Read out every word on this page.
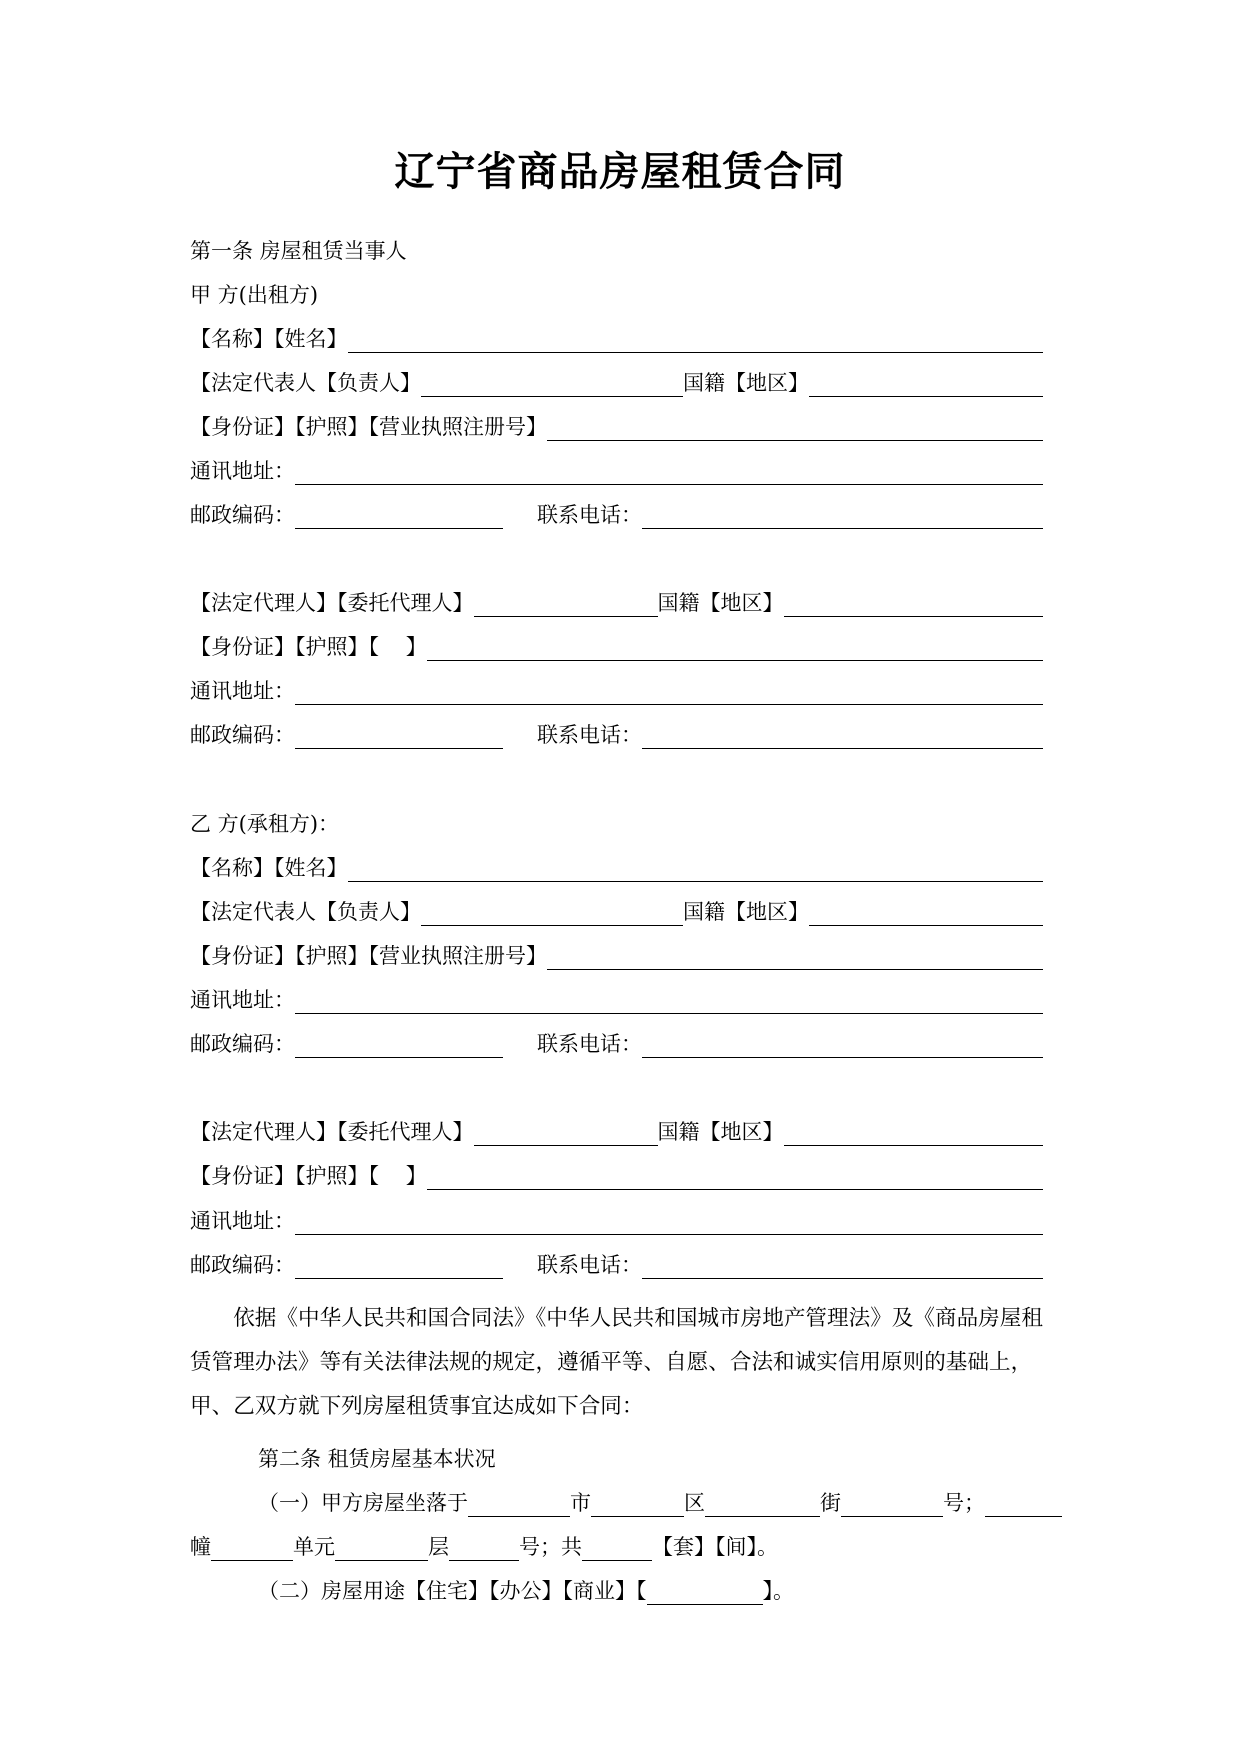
辽宁省商品房屋租赁合同
第一条 房屋租赁当事人
甲 方(出租方)
【名称】【姓名】
【法定代表人【负责人】	国籍【地区】
【身份证】【护照】【营业执照注册号】
通讯地址：
邮政编码：	联系电话：
【法定代理人】【委托代理人】	国籍【地区】
【身份证】【护照】【    】
通讯地址：
邮政编码：	联系电话：
乙 方(承租方)：
【名称】【姓名】
【法定代表人【负责人】	国籍【地区】
【身份证】【护照】【营业执照注册号】
通讯地址：
邮政编码：	联系电话：
【法定代理人】【委托代理人】	国籍【地区】
【身份证】【护照】【    】
通讯地址：
邮政编码：	联系电话：
依据《中华人民共和国合同法》《中华人民共和国城市房地产管理法》及《商品房屋租赁管理办法》等有关法律法规的规定，遵循平等、自愿、合法和诚实信用原则的基础上，甲、乙双方就下列房屋租赁事宜达成如下合同：
第二条 租赁房屋基本状况
（一）甲方房屋坐落于	市	区	街	号；
幢	单元	层	号；共	【套】【间】。
（二）房屋用途【住宅】【办公】【商业】【	】。
